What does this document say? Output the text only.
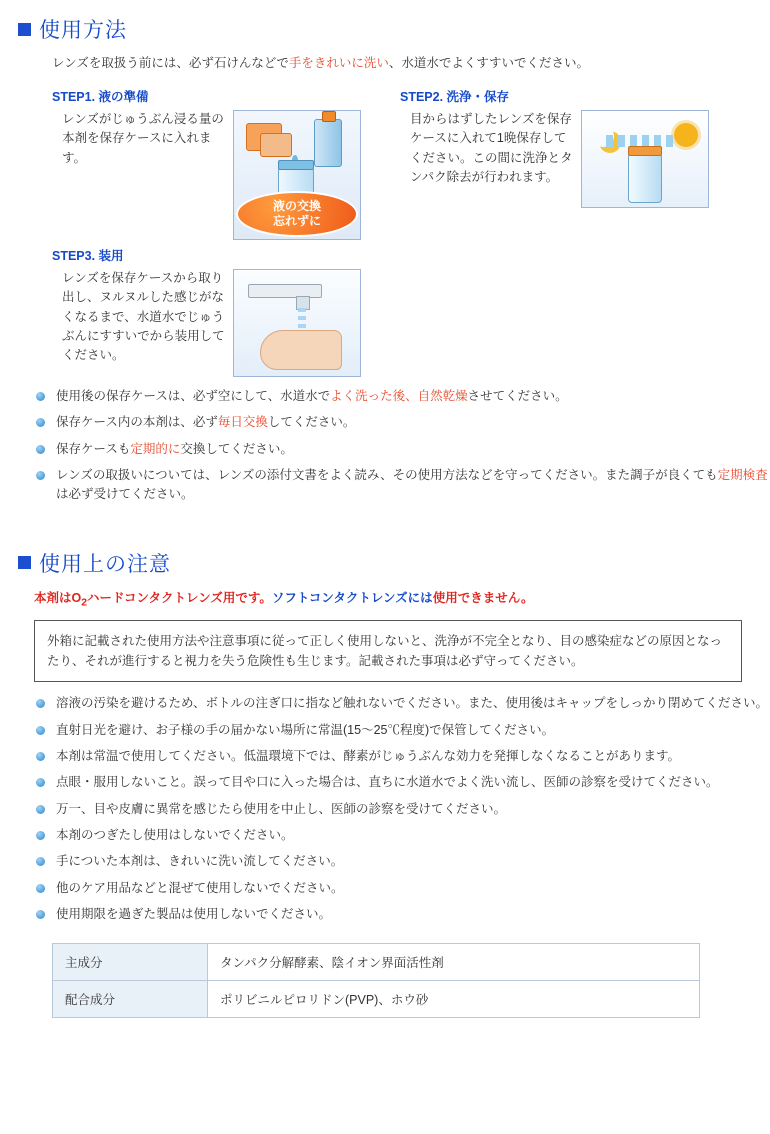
使用方法

レンズを取扱う前には、必ず石けんなどで手をきれいに洗い、水道水でよくすすいでください。

STEP1. 液の準備
レンズがじゅうぶん浸る量の本剤を保存ケースに入れます。
液の交換
忘れずに
STEP2. 洗浄・保存
目からはずしたレンズを保存ケースに入れて1晩保存してください。この間に洗浄とタンパク除去が行われます。
STEP3. 装用
レンズを保存ケースから取り出し、ヌルヌルした感じがなくなるまで、水道水でじゅうぶんにすすいでから装用してください。
使用後の保存ケースは、必ず空にして、水道水でよく洗った後、自然乾燥させてください。
保存ケース内の本剤は、必ず毎日交換してください。
保存ケースも定期的に交換してください。
レンズの取扱いについては、レンズの添付文書をよく読み、その使用方法などを守ってください。また調子が良くても定期検査は必ず受けてください。
使用上の注意
本剤は$O_2$ハードコンタクトレンズ用です。ソフトコンタクトレンズには使用できません。
外箱に記載された使用方法や注意事項に従って正しく使用しないと、洗浄が不完全となり、目の感染症などの原因となったり、それが進行すると視力を失う危険性も生じます。記載された事項は必ず守ってください。
溶液の汚染を避けるため、ボトルの注ぎ口に指など触れないでください。また、使用後はキャップをしっかり閉めてください。
直射日光を避け、お子様の手の届かない場所に常温(15～25℃程度)で保管してください。
本剤は常温で使用してください。低温環境下では、酵素がじゅうぶんな効力を発揮しなくなることがあります。
点眼・服用しないこと。誤って目や口に入った場合は、直ちに水道水でよく洗い流し、医師の診察を受けてください。
万一、目や皮膚に異常を感じたら使用を中止し、医師の診察を受けてください。
本剤のつぎたし使用はしないでください。
手についた本剤は、きれいに洗い流してください。
他のケア用品などと混ぜて使用しないでください。
使用期限を過ぎた製品は使用しないでください。
主成分	タンパク分解酵素、陰イオン界面活性剤
配合成分	ポリビニルピロリドン(PVP)、ホウ砂
